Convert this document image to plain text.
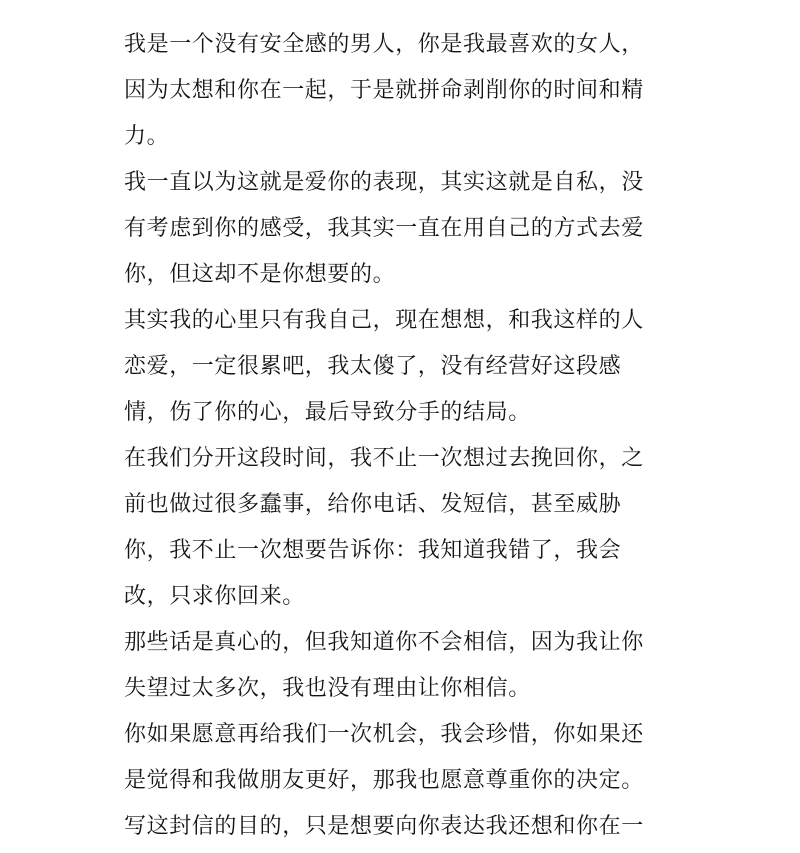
我是一个没有安全感的男人，你是我最喜欢的女人，
因为太想和你在一起，于是就拼命剥削你的时间和精
力。

我一直以为这就是爱你的表现，其实这就是自私，没
有考虑到你的感受，我其实一直在用自己的方式去爱
你，但这却不是你想要的。

其实我的心里只有我自己，现在想想，和我这样的人
恋爱，一定很累吧，我太傻了，没有经营好这段感
情，伤了你的心，最后导致分手的结局。

在我们分开这段时间，我不止一次想过去挽回你，之
前也做过很多蠢事，给你电话、发短信，甚至威胁
你，我不止一次想要告诉你：我知道我错了，我会
改，只求你回来。

那些话是真心的，但我知道你不会相信，因为我让你
失望过太多次，我也没有理由让你相信。

你如果愿意再给我们一次机会，我会珍惜，你如果还
是觉得和我做朋友更好，那我也愿意尊重你的决定。

写这封信的目的，只是想要向你表达我还想和你在一
